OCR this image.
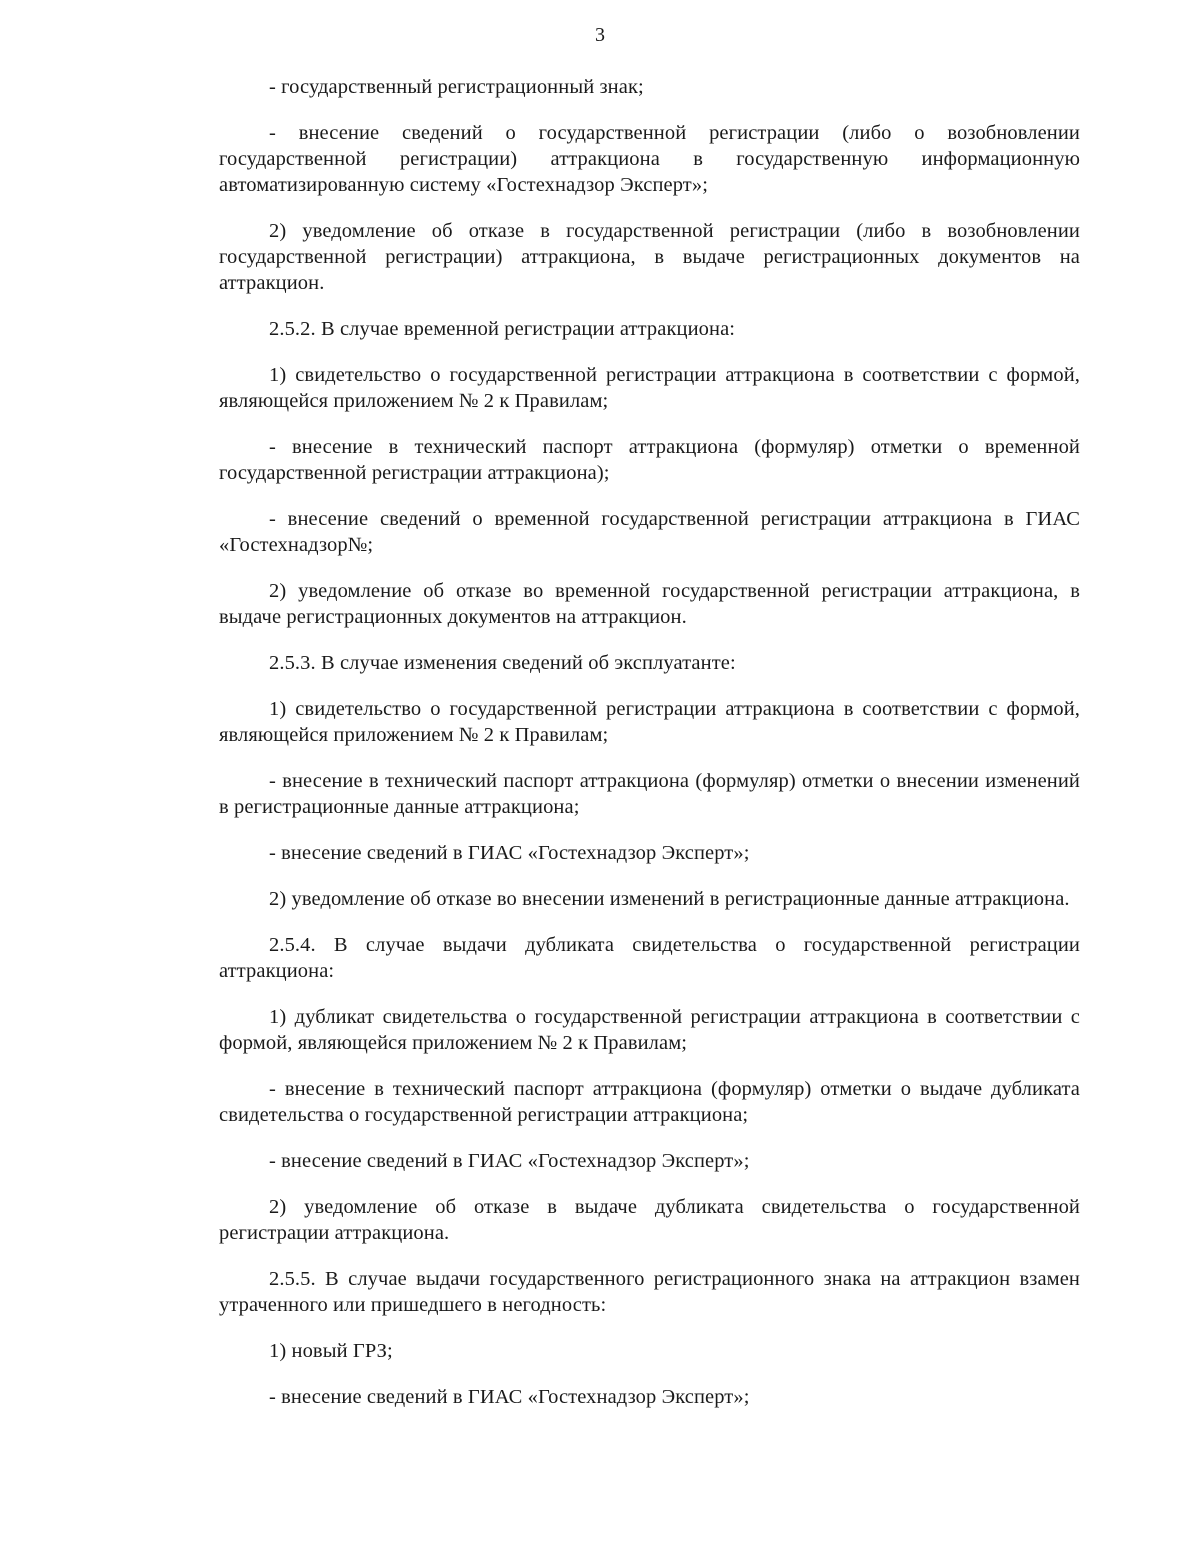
3

- государственный регистрационный знак;

- внесение сведений о государственной регистрации (либо о возобновлении государственной регистрации) аттракциона в государственную информационную автоматизированную систему «Гостехнадзор Эксперт»;

2) уведомление об отказе в государственной регистрации (либо в возобновлении государственной регистрации) аттракциона, в выдаче регистрационных документов на аттракцион.

2.5.2. В случае временной регистрации аттракциона:

1) свидетельство о государственной регистрации аттракциона в соответствии с формой, являющейся приложением № 2 к Правилам;

- внесение в технический паспорт аттракциона (формуляр) отметки о временной государственной регистрации аттракциона);

- внесение сведений о временной государственной регистрации аттракциона в ГИАС «Гостехнадзор№;

2) уведомление об отказе во временной государственной регистрации аттракциона, в выдаче регистрационных документов на аттракцион.

2.5.3. В случае изменения сведений об эксплуатанте:

1) свидетельство о государственной регистрации аттракциона в соответствии с формой, являющейся приложением № 2 к Правилам;

- внесение в технический паспорт аттракциона (формуляр) отметки о внесении изменений в регистрационные данные аттракциона;

- внесение сведений в ГИАС «Гостехнадзор Эксперт»;

2) уведомление об отказе во внесении изменений в регистрационные данные аттракциона.

2.5.4. В случае выдачи дубликата свидетельства о государственной регистрации аттракциона:

1) дубликат свидетельства о государственной регистрации аттракциона в соответствии с формой, являющейся приложением № 2 к Правилам;

- внесение в технический паспорт аттракциона (формуляр) отметки о выдаче дубликата свидетельства о государственной регистрации аттракциона;

- внесение сведений в ГИАС «Гостехнадзор Эксперт»;

2) уведомление об отказе в выдаче дубликата свидетельства о государственной регистрации аттракциона.

2.5.5. В случае выдачи государственного регистрационного знака на аттракцион взамен утраченного или пришедшего в негодность:

1) новый ГРЗ;

- внесение сведений в ГИАС «Гостехнадзор Эксперт»;
